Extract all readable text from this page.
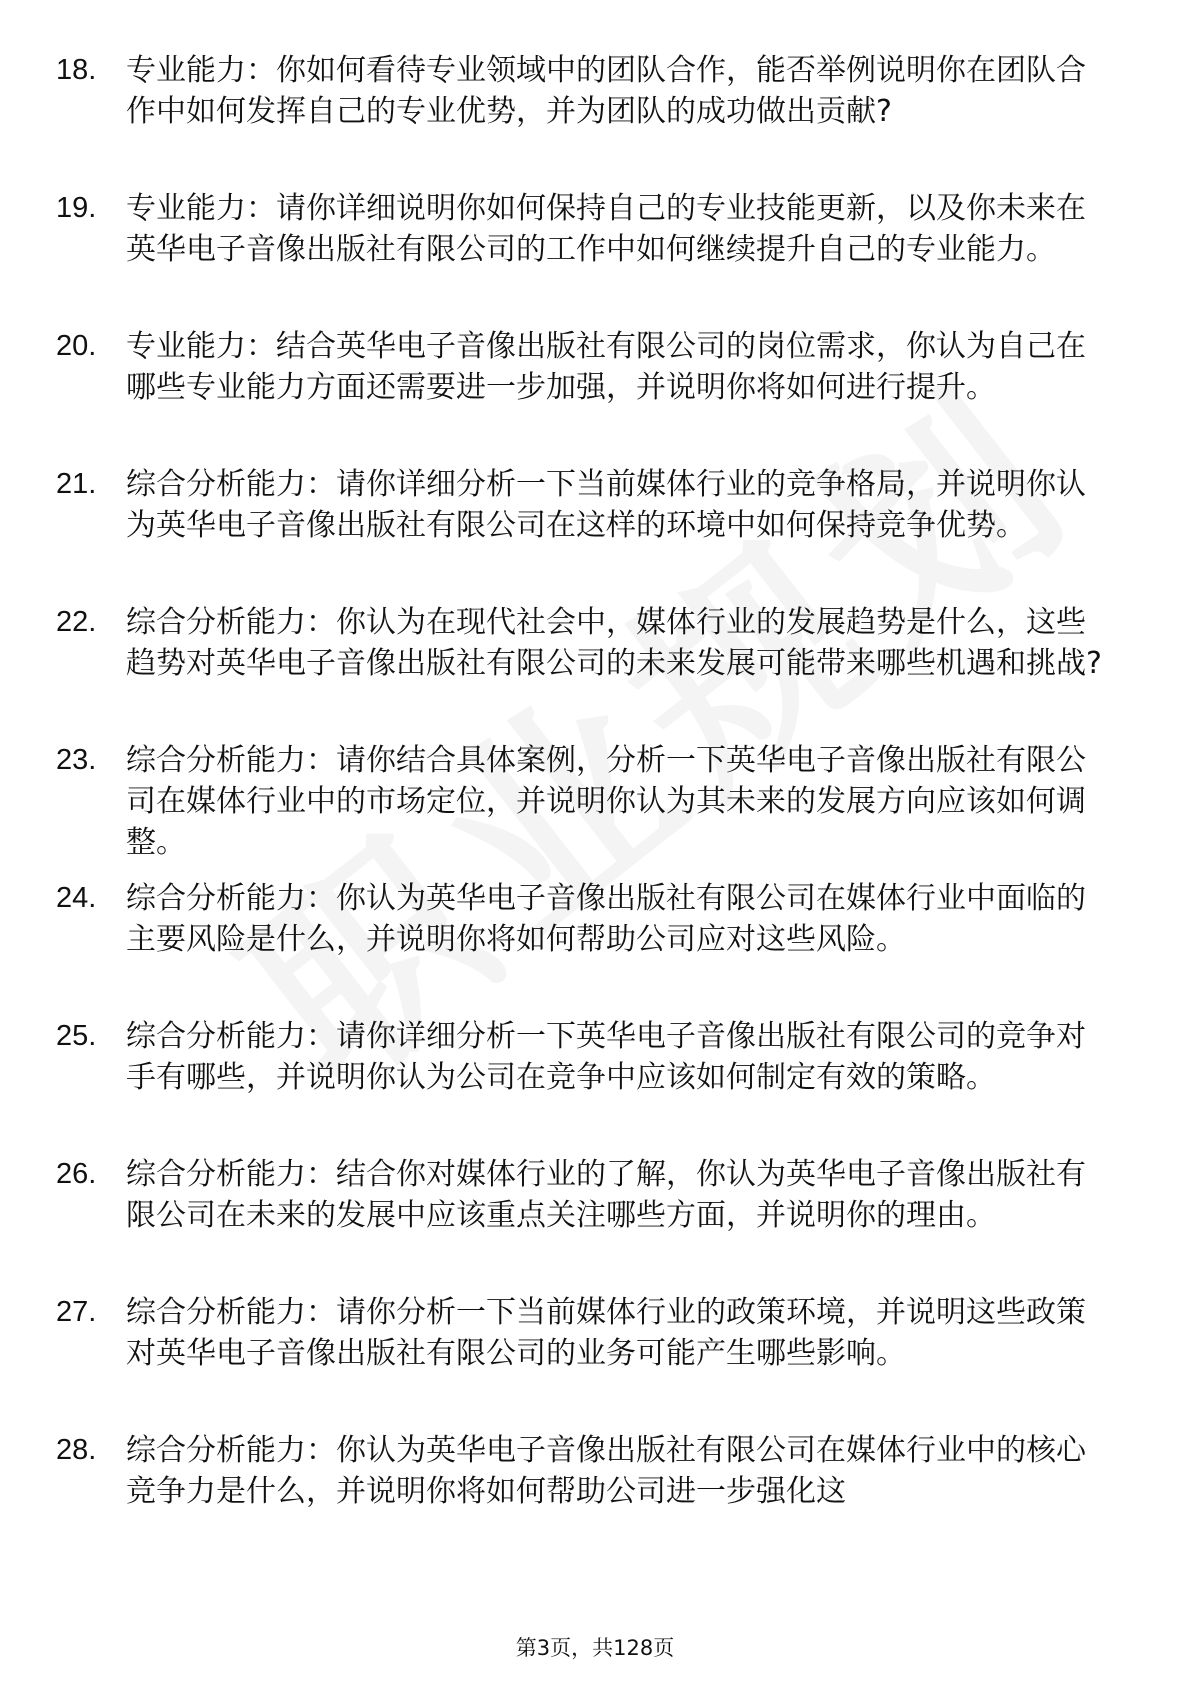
18. 专业能力：你如何看待专业领域中的团队合作，能否举例说明你在团队合作中如何发挥自己的专业优势，并为团队的成功做出贡献?
19. 专业能力：请你详细说明你如何保持自己的专业技能更新，以及你未来在英华电子音像出版社有限公司的工作中如何继续提升自己的专业能力。
20. 专业能力：结合英华电子音像出版社有限公司的岗位需求，你认为自己在哪些专业能力方面还需要进一步加强，并说明你将如何进行提升。
21. 综合分析能力：请你详细分析一下当前媒体行业的竞争格局，并说明你认为英华电子音像出版社有限公司在这样的环境中如何保持竞争优势。
22. 综合分析能力：你认为在现代社会中，媒体行业的发展趋势是什么，这些趋势对英华电子音像出版社有限公司的未来发展可能带来哪些机遇和挑战?
23. 综合分析能力：请你结合具体案例，分析一下英华电子音像出版社有限公司在媒体行业中的市场定位，并说明你认为其未来的发展方向应该如何调整。
24. 综合分析能力：你认为英华电子音像出版社有限公司在媒体行业中面临的主要风险是什么，并说明你将如何帮助公司应对这些风险。
25. 综合分析能力：请你详细分析一下英华电子音像出版社有限公司的竞争对手有哪些，并说明你认为公司在竞争中应该如何制定有效的策略。
26. 综合分析能力：结合你对媒体行业的了解，你认为英华电子音像出版社有限公司在未来的发展中应该重点关注哪些方面，并说明你的理由。
27. 综合分析能力：请你分析一下当前媒体行业的政策环境，并说明这些政策对英华电子音像出版社有限公司的业务可能产生哪些影响。
28. 综合分析能力：你认为英华电子音像出版社有限公司在媒体行业中的核心竞争力是什么，并说明你将如何帮助公司进一步强化这
第3页，共128页
